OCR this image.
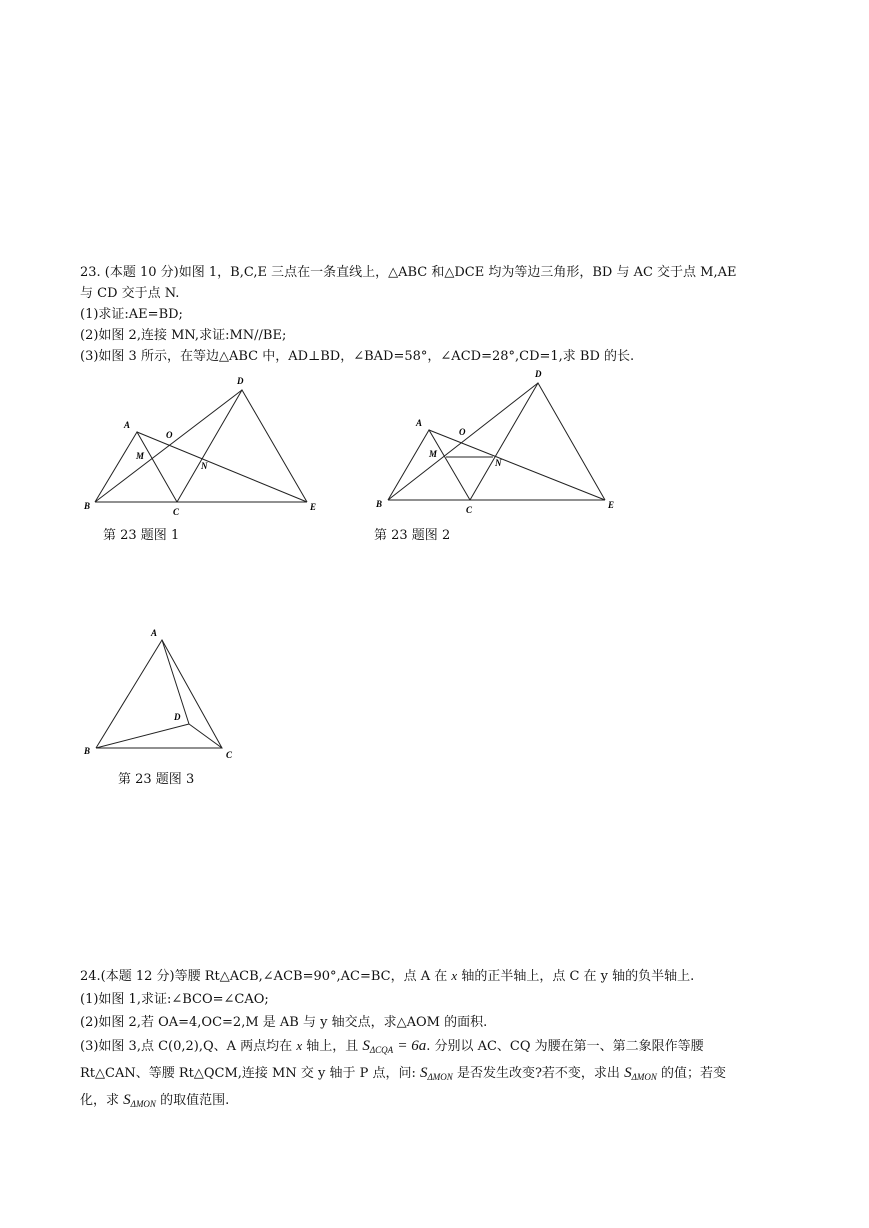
23. (本题 10 分)如图 1，B,C,E 三点在一条直线上，△ABC 和△DCE 均为等边三角形，BD 与 AC 交于点 M,AE
与 CD 交于点 N.
(1)求证:AE=BD;
(2)如图 2,连接 MN,求证:MN//BE;
(3)如图 3 所示，在等边△ABC 中，AD⊥BD，∠BAD=58°，∠ACD=28°,CD=1,求 BD 的长.
A
B
C
D
E
M
N
O
第 23 题图 1
A
B
C
D
E
M
N
O
第 23 题图 2
A
B	C
D
第 23 题图 3
24.(本题 12 分)等腰 Rt△ACB,∠ACB=90°,AC=BC，点 A 在 x 轴的正半轴上，点 C 在 y 轴的负半轴上.
(1)如图 1,求证:∠BCO=∠CAO;
(2)如图 2,若 OA=4,OC=2,M 是 AB 与 y 轴交点，求△AOM 的面积.
(3)如图 3,点 C(0,2),Q、A 两点均在 x 轴上，且 $S_{\Delta CQA} = 6a$. 分别以 AC、CQ 为腰在第一、第二象限作等腰
Rt△CAN、等腰 Rt△QCM,连接 MN 交 y 轴于 P 点，问: $S_{\Delta MON}$ 是否发生改变?若不变，求出 $S_{\Delta MON}$ 的值；若变
化，求 $S_{\Delta MON}$ 的取值范围.
